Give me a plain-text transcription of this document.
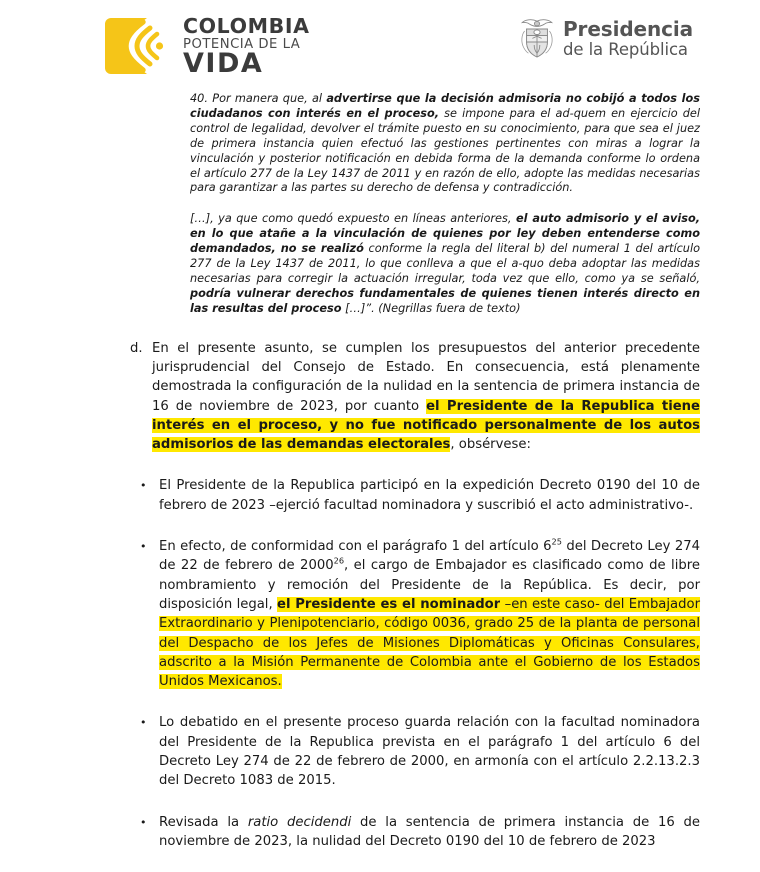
COLOMBIA
POTENCIA DE LA
VIDA
Presidencia
de la República

40. Por manera que, al advertirse que la decisión admisoria no cobijó a todos los ciudadanos con interés en el proceso, se impone para el ad-quem en ejercicio del control de legalidad, devolver el trámite puesto en su conocimiento, para que sea el juez de primera instancia quien efectuó las gestiones pertinentes con miras a lograr la vinculación y posterior notificación en debida forma de la demanda conforme lo ordena el artículo 277 de la Ley 1437 de 2011 y en razón de ello, adopte las medidas necesarias para garantizar a las partes su derecho de defensa y contradicción.

[…], ya que como quedó expuesto en líneas anteriores, el auto admisorio y el aviso, en lo que atañe a la vinculación de quienes por ley deben entenderse como demandados, no se realizó conforme la regla del literal b) del numeral 1 del artículo 277 de la Ley 1437 de 2011, lo que conlleva a que el a-quo deba adoptar las medidas necesarias para corregir la actuación irregular, toda vez que ello, como ya se señaló, podría vulnerar derechos fundamentales de quienes tienen interés directo en las resultas del proceso […]”. (Negrillas fuera de texto)

d. En el presente asunto, se cumplen los presupuestos del anterior precedente jurisprudencial del Consejo de Estado. En consecuencia, está plenamente demostrada la configuración de la nulidad en la sentencia de primera instancia de 16 de noviembre de 2023, por cuanto el Presidente de la Republica tiene interés en el proceso, y no fue notificado personalmente de los autos admisorios de las demandas electorales, obsérvese:
• El Presidente de la Republica participó en la expedición Decreto 0190 del 10 de febrero de 2023 –ejerció facultad nominadora y suscribió el acto administrativo-.
• En efecto, de conformidad con el parágrafo 1 del artículo $6^{25}$ del Decreto Ley 274 de 22 de febrero de 2000$^{26}$, el cargo de Embajador es clasificado como de libre nombramiento y remoción del Presidente de la República. Es decir, por disposición legal, el Presidente es el nominador –en este caso- del Embajador Extraordinario y Plenipotenciario, código 0036, grado 25 de la planta de personal del Despacho de los Jefes de Misiones Diplomáticas y Oficinas Consulares, adscrito a la Misión Permanente de Colombia ante el Gobierno de los Estados Unidos Mexicanos.
• Lo debatido en el presente proceso guarda relación con la facultad nominadora del Presidente de la Republica prevista en el parágrafo 1 del artículo 6 del Decreto Ley 274 de 22 de febrero de 2000, en armonía con el artículo 2.2.13.2.3 del Decreto 1083 de 2015.
• Revisada la ratio decidendi de la sentencia de primera instancia de 16 de noviembre de 2023, la nulidad del Decreto 0190 del 10 de febrero de 2023
